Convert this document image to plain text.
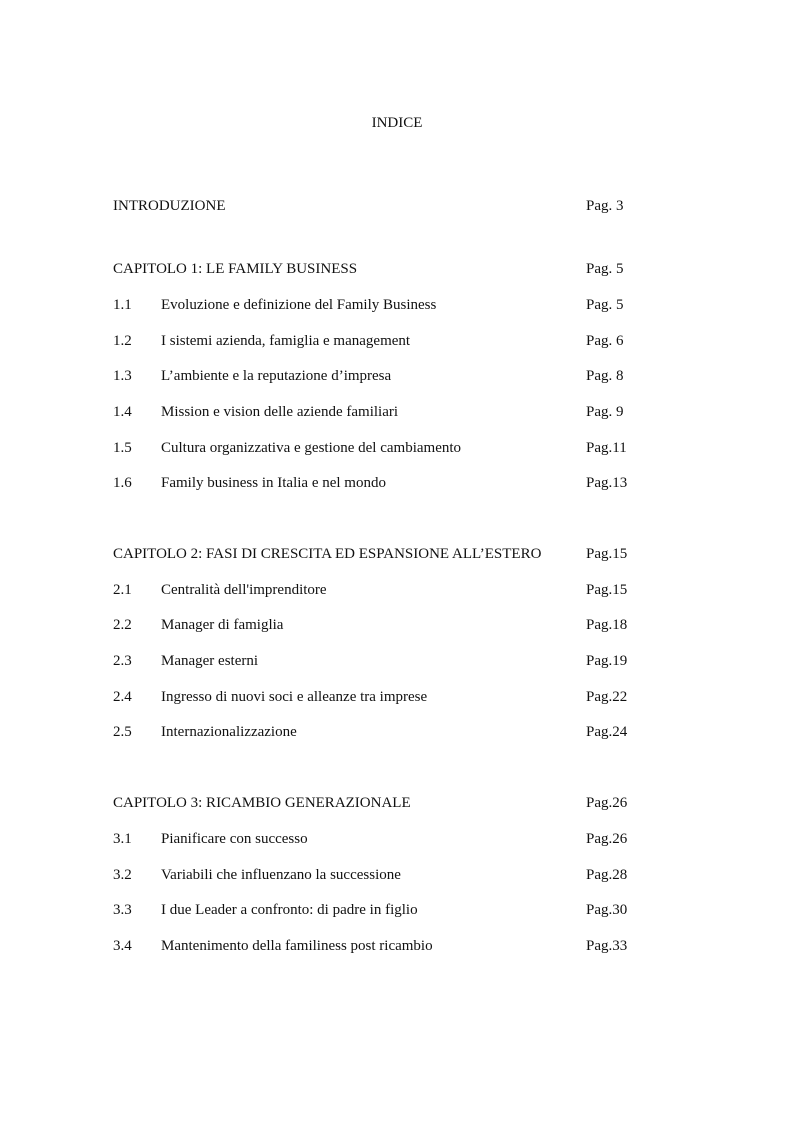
INDICE
INTRODUZIONE	Pag. 3
CAPITOLO 1: LE FAMILY BUSINESS	Pag. 5
1.1 Evoluzione e definizione del Family Business	Pag. 5
1.2 I sistemi azienda, famiglia e management	Pag. 6
1.3 L’ambiente e la reputazione d’impresa	Pag. 8
1.4 Mission e vision delle aziende familiari	Pag. 9
1.5 Cultura organizzativa e gestione del cambiamento	Pag.11
1.6 Family business in Italia e nel mondo	Pag.13
CAPITOLO 2: FASI DI CRESCITA ED ESPANSIONE ALL’ESTERO	Pag.15
2.1 Centralità dell'imprenditore	Pag.15
2.2 Manager di famiglia	Pag.18
2.3 Manager esterni	Pag.19
2.4 Ingresso di nuovi soci e alleanze tra imprese	Pag.22
2.5 Internazionalizzazione	Pag.24
CAPITOLO 3: RICAMBIO GENERAZIONALE	Pag.26
3.1 Pianificare con successo	Pag.26
3.2 Variabili che influenzano la successione	Pag.28
3.3 I due Leader a confronto: di padre in figlio	Pag.30
3.4 Mantenimento della familiness post ricambio	Pag.33
